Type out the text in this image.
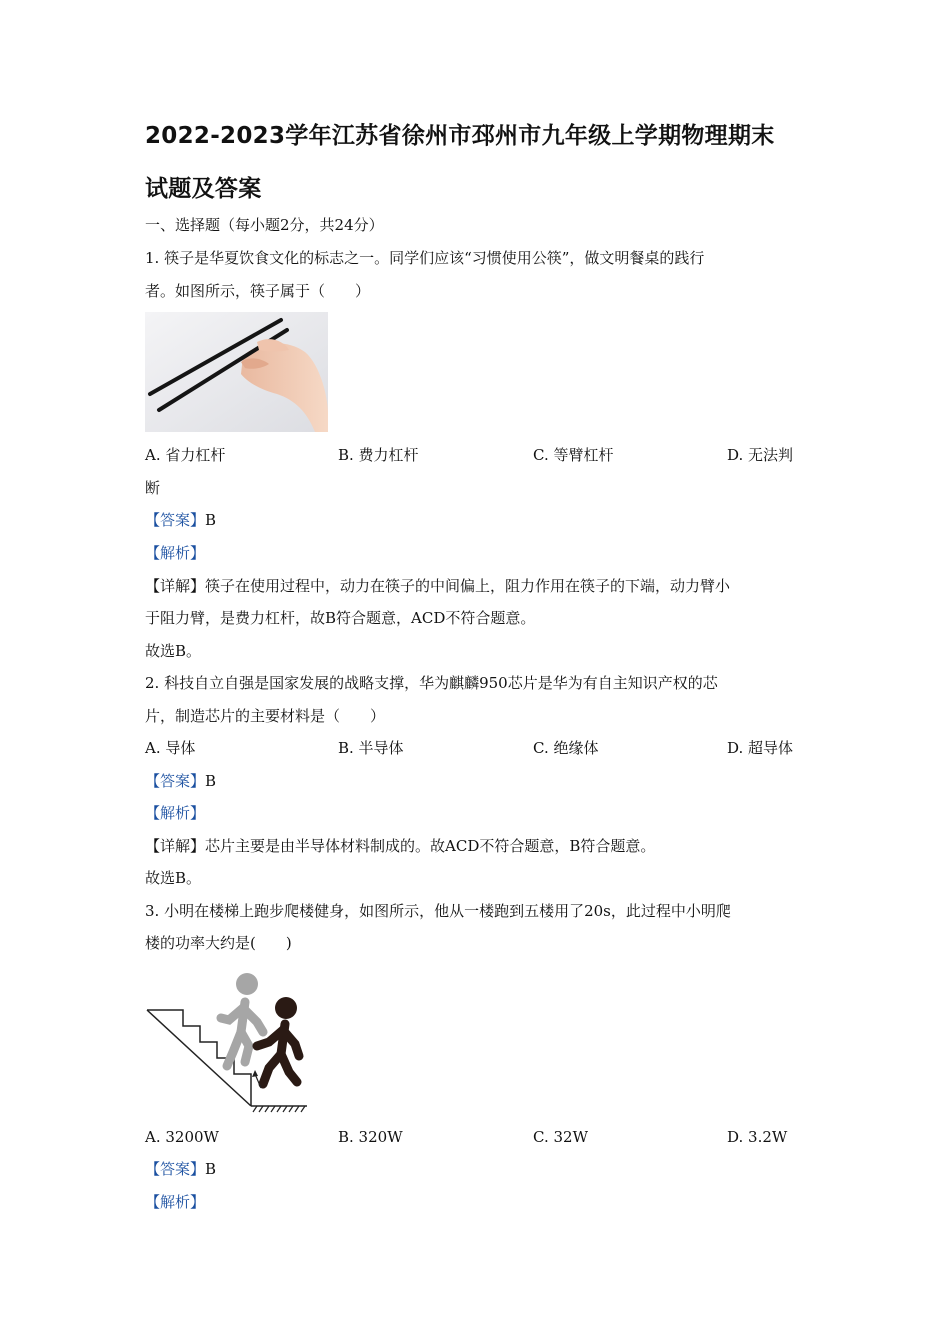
2022-2023学年江苏省徐州市邳州市九年级上学期物理期末
试题及答案
一、选择题（每小题2分，共24分）
1. 筷子是华夏饮食文化的标志之一。同学们应该“习惯使用公筷”，做文明餐桌的践行
者。如图所示，筷子属于（　　）
A. 省力杠杆	B. 费力杠杆	C. 等臂杠杆	D. 无法判
断
【答案】B
【解析】
【详解】筷子在使用过程中，动力在筷子的中间偏上，阻力作用在筷子的下端，动力臂小
于阻力臂，是费力杠杆，故B符合题意，ACD不符合题意。
故选B。
2. 科技自立自强是国家发展的战略支撑，华为麒麟950芯片是华为有自主知识产权的芯
片，制造芯片的主要材料是（　　）
A. 导体	B. 半导体	C. 绝缘体	D. 超导体
【答案】B
【解析】
【详解】芯片主要是由半导体材料制成的。故ACD不符合题意，B符合题意。
故选B。
3. 小明在楼梯上跑步爬楼健身，如图所示，他从一楼跑到五楼用了20s，此过程中小明爬
楼的功率大约是(　　)
A. 3200W	B. 320W	C. 32W	D. 3.2W
【答案】B
【解析】
